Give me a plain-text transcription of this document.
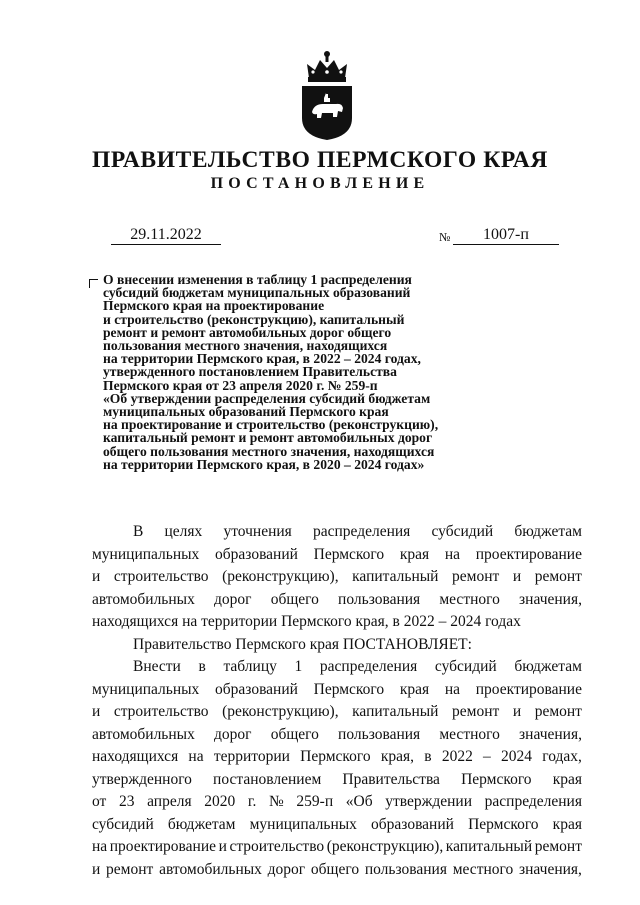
ПРАВИТЕЛЬСТВО ПЕРМСКОГО КРАЯ
ПОСТАНОВЛЕНИЕ
29.11.2022	№	1007-п
О внесении изменения в таблицу 1 распределения
субсидий бюджетам муниципальных образований
Пермского края на проектирование
и строительство (реконструкцию), капитальный
ремонт и ремонт автомобильных дорог общего
пользования местного значения, находящихся
на территории Пермского края, в 2022 – 2024 годах,
утвержденного постановлением Правительства
Пермского края от 23 апреля 2020 г. № 259-п
«Об утверждении распределения субсидий бюджетам
муниципальных образований Пермского края
на проектирование и строительство (реконструкцию),
капитальный ремонт и ремонт автомобильных дорог
общего пользования местного значения, находящихся
на территории Пермского края, в 2020 – 2024 годах»
В целях уточнения распределения субсидий бюджетам
муниципальных образований Пермского края на проектирование
и строительство (реконструкцию), капитальный ремонт и ремонт
автомобильных дорог общего пользования местного значения,
находящихся на территории Пермского края, в 2022 – 2024 годах
Правительство Пермского края ПОСТАНОВЛЯЕТ:
Внести в таблицу 1 распределения субсидий бюджетам
муниципальных образований Пермского края на проектирование
и строительство (реконструкцию), капитальный ремонт и ремонт
автомобильных дорог общего пользования местного значения,
находящихся на территории Пермского края, в 2022 – 2024 годах,
утвержденного постановлением Правительства Пермского края
от 23 апреля 2020 г. № 259-п «Об утверждении распределения
субсидий бюджетам муниципальных образований Пермского края
на проектирование и строительство (реконструкцию), капитальный ремонт
и ремонт автомобильных дорог общего пользования местного значения,
